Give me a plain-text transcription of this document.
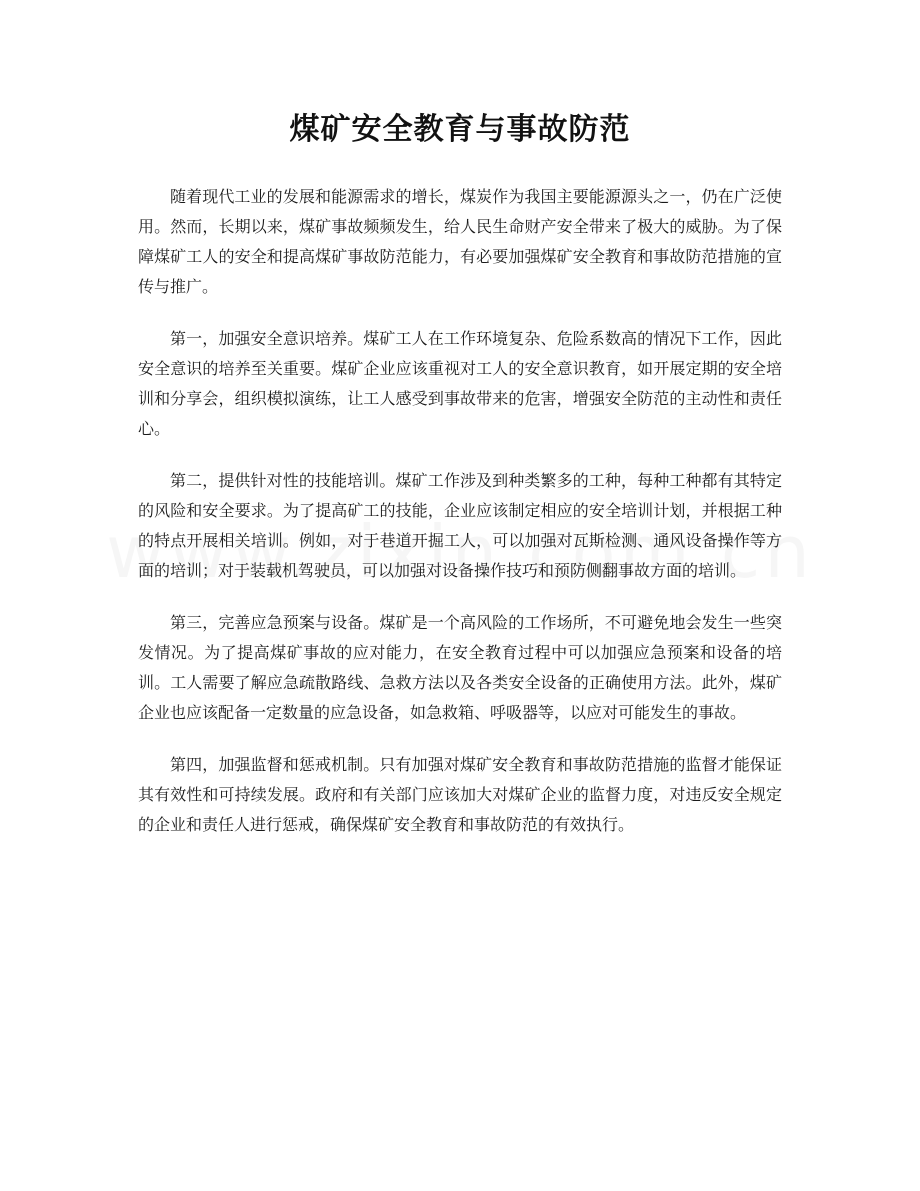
煤矿安全教育与事故防范

随着现代工业的发展和能源需求的增长，煤炭作为我国主要能源源头之一，仍在广泛使用。然而，长期以来，煤矿事故频频发生，给人民生命财产安全带来了极大的威胁。为了保障煤矿工人的安全和提高煤矿事故防范能力，有必要加强煤矿安全教育和事故防范措施的宣传与推广。

第一，加强安全意识培养。煤矿工人在工作环境复杂、危险系数高的情况下工作，因此安全意识的培养至关重要。煤矿企业应该重视对工人的安全意识教育，如开展定期的安全培训和分享会，组织模拟演练，让工人感受到事故带来的危害，增强安全防范的主动性和责任心。

第二，提供针对性的技能培训。煤矿工作涉及到种类繁多的工种，每种工种都有其特定的风险和安全要求。为了提高矿工的技能，企业应该制定相应的安全培训计划，并根据工种的特点开展相关培训。例如，对于巷道开掘工人，可以加强对瓦斯检测、通风设备操作等方面的培训；对于装载机驾驶员，可以加强对设备操作技巧和预防侧翻事故方面的培训。

第三，完善应急预案与设备。煤矿是一个高风险的工作场所，不可避免地会发生一些突发情况。为了提高煤矿事故的应对能力，在安全教育过程中可以加强应急预案和设备的培训。工人需要了解应急疏散路线、急救方法以及各类安全设备的正确使用方法。此外，煤矿企业也应该配备一定数量的应急设备，如急救箱、呼吸器等，以应对可能发生的事故。

第四，加强监督和惩戒机制。只有加强对煤矿安全教育和事故防范措施的监督才能保证其有效性和可持续发展。政府和有关部门应该加大对煤矿企业的监督力度，对违反安全规定的企业和责任人进行惩戒，确保煤矿安全教育和事故防范的有效执行。
